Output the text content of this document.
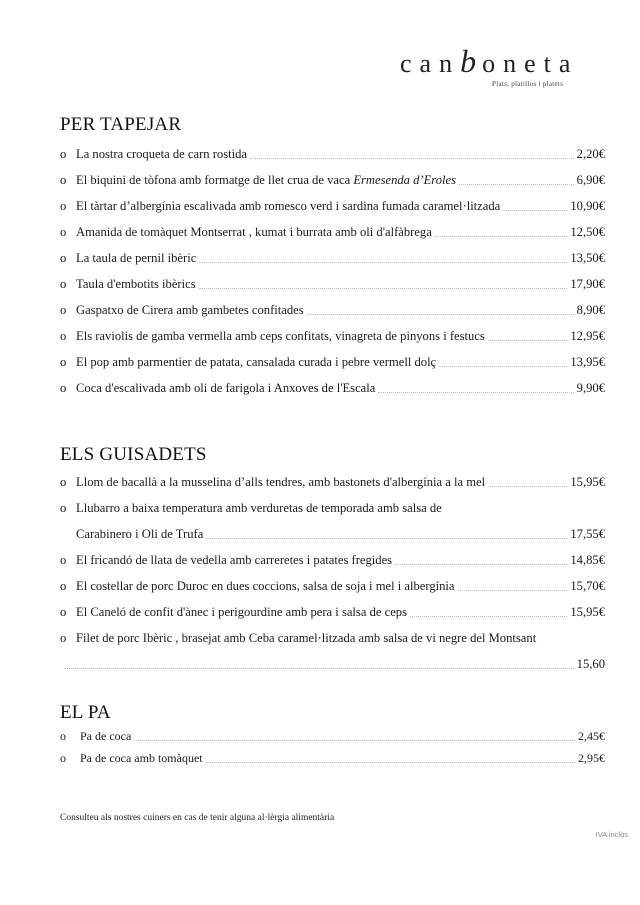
canb oneta
Plats, platillos i platets
PER TAPEJAR
o La nostra croqueta de carn rostida	2,20€
o El biquini de tòfona amb formatge de llet crua de vaca Ermesenda d’Eroles	6,90€
o El tàrtar d’albergínia escalivada amb romesco verd i sardina fumada caramel·litzada	10,90€
o Amanida de tomàquet Montserrat , kumat i burrata amb oli d'alfàbrega	12,50€
o La taula de pernil ibèric	13,50€
o Taula d'embotits ibèrics	17,90€
o Gaspatxo de Cirera amb gambetes confitades	8,90€
o Els raviolis de gamba vermella amb ceps confitats, vinagreta de pinyons i festucs	12,95€
o El pop amb parmentier de patata, cansalada curada i pebre vermell dolç	13,95€
o Coca d'escalivada amb oli de farigola i Anxoves de l'Escala	9,90€
ELS GUISADETS
o Llom de bacallà a la musselina d’alls tendres, amb bastonets d'albergínia a la mel	15,95€
o Llubarro a baixa temperatura amb verduretas de temporada amb salsa de
Carabinero i Oli de Trufa	17,55€
o El fricandó de llata de vedella amb carreretes i patates fregides	14,85€
o El costellar de porc Duroc en dues coccions, salsa de soja i mel i albergínia	15,70€
o El Caneló de confit d'ànec i perigourdine amb pera i salsa de ceps	15,95€
o Filet de porc Ibèric , brasejat amb Ceba caramel·litzada amb salsa de vi negre del Montsant
15,60
EL PA
o	Pa de coca	2,45€
o	Pa de coca amb tomàquet	2,95€
Consulteu als nostres cuiners en cas de tenir alguna al·lèrgia alimentària
IVA inclòs
